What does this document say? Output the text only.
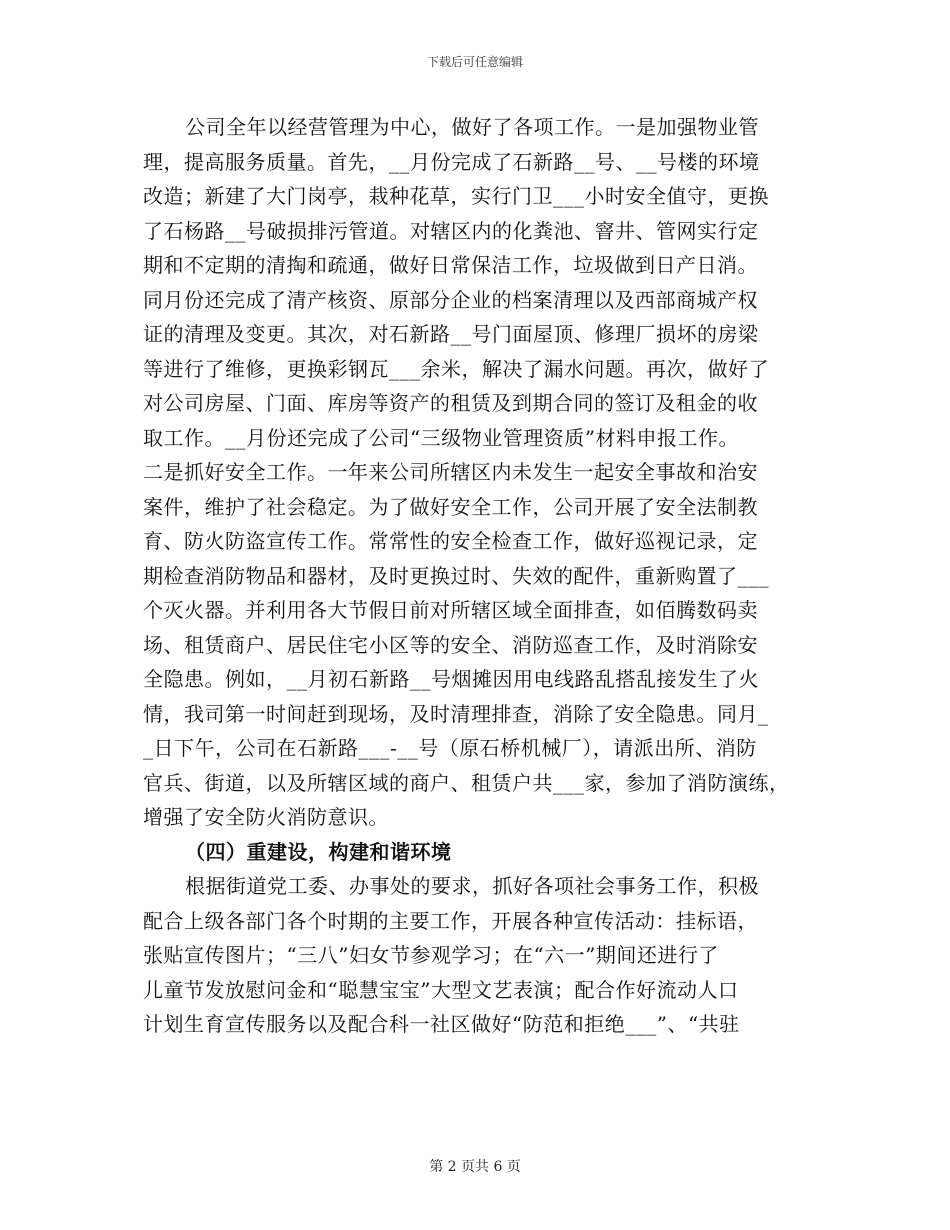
下载后可任意编辑
公司全年以经营管理为中心，做好了各项工作。一是加强物业管
理，提高服务质量。首先，__月份完成了石新路__号、__号楼的环境
改造；新建了大门岗亭，栽种花草，实行门卫___小时安全值守，更换
了石杨路__号破损排污管道。对辖区内的化粪池、窨井、管网实行定
期和不定期的清掏和疏通，做好日常保洁工作，垃圾做到日产日消。
同月份还完成了清产核资、原部分企业的档案清理以及西部商城产权
证的清理及变更。其次，对石新路__号门面屋顶、修理厂损坏的房梁
等进行了维修，更换彩钢瓦___余米，解决了漏水问题。再次，做好了
对公司房屋、门面、库房等资产的租赁及到期合同的签订及租金的收
取工作。__月份还完成了公司“三级物业管理资质”材料申报工作。
二是抓好安全工作。一年来公司所辖区内未发生一起安全事故和治安
案件，维护了社会稳定。为了做好安全工作，公司开展了安全法制教
育、防火防盗宣传工作。常常性的安全检查工作，做好巡视记录，定
期检查消防物品和器材，及时更换过时、失效的配件，重新购置了___
个灭火器。并利用各大节假日前对所辖区域全面排查，如佰腾数码卖
场、租赁商户、居民住宅小区等的安全、消防巡查工作，及时消除安
全隐患。例如，__月初石新路__号烟摊因用电线路乱搭乱接发生了火
情，我司第一时间赶到现场，及时清理排查，消除了安全隐患。同月_
_日下午，公司在石新路___-__号（原石桥机械厂），请派出所、消防
官兵、街道，以及所辖区域的商户、租赁户共___家，参加了消防演练，
增强了安全防火消防意识。
（四）重建设，构建和谐环境
根据街道党工委、办事处的要求，抓好各项社会事务工作，积极
配合上级各部门各个时期的主要工作，开展各种宣传活动：挂标语，
张贴宣传图片；“三八”妇女节参观学习；在“六一”期间还进行了
儿童节发放慰问金和“聪慧宝宝”大型文艺表演；配合作好流动人口
计划生育宣传服务以及配合科一社区做好“防范和拒绝___”、“共驻
第 2 页共 6 页
